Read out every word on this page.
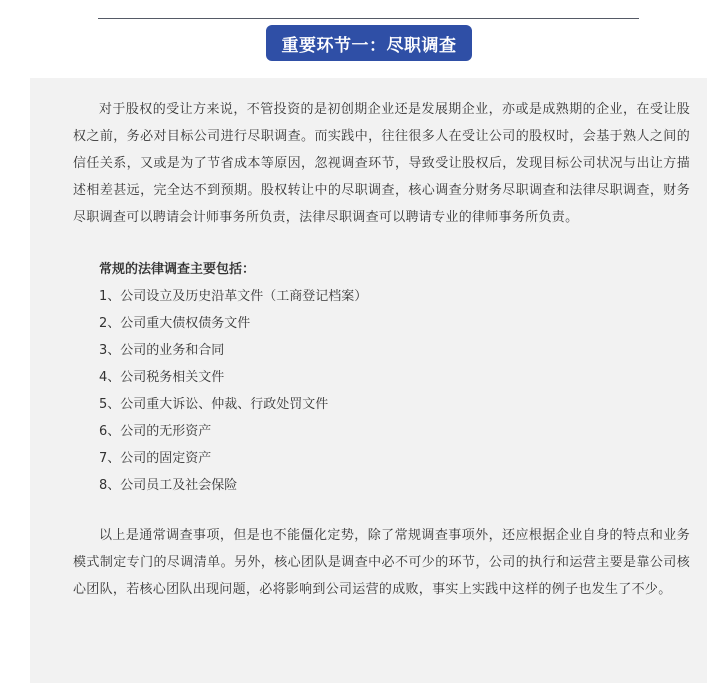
重要环节一：尽职调查

对于股权的受让方来说，不管投资的是初创期企业还是发展期企业，亦或是成熟期的企业，在受让股权之前，务必对目标公司进行尽职调查。而实践中，往往很多人在受让公司的股权时，会基于熟人之间的信任关系，又或是为了节省成本等原因，忽视调查环节，导致受让股权后，发现目标公司状况与出让方描述相差甚远，完全达不到预期。股权转让中的尽职调查，核心调查分财务尽职调查和法律尽职调查，财务尽职调查可以聘请会计师事务所负责，法律尽职调查可以聘请专业的律师事务所负责。

常规的法律调查主要包括：
1、公司设立及历史沿革文件（工商登记档案）
2、公司重大债权债务文件
3、公司的业务和合同
4、公司税务相关文件
5、公司重大诉讼、仲裁、行政处罚文件
6、公司的无形资产
7、公司的固定资产
8、公司员工及社会保险

以上是通常调查事项，但是也不能僵化定势，除了常规调查事项外，还应根据企业自身的特点和业务模式制定专门的尽调清单。另外，核心团队是调查中必不可少的环节，公司的执行和运营主要是靠公司核心团队，若核心团队出现问题，必将影响到公司运营的成败，事实上实践中这样的例子也发生了不少。
